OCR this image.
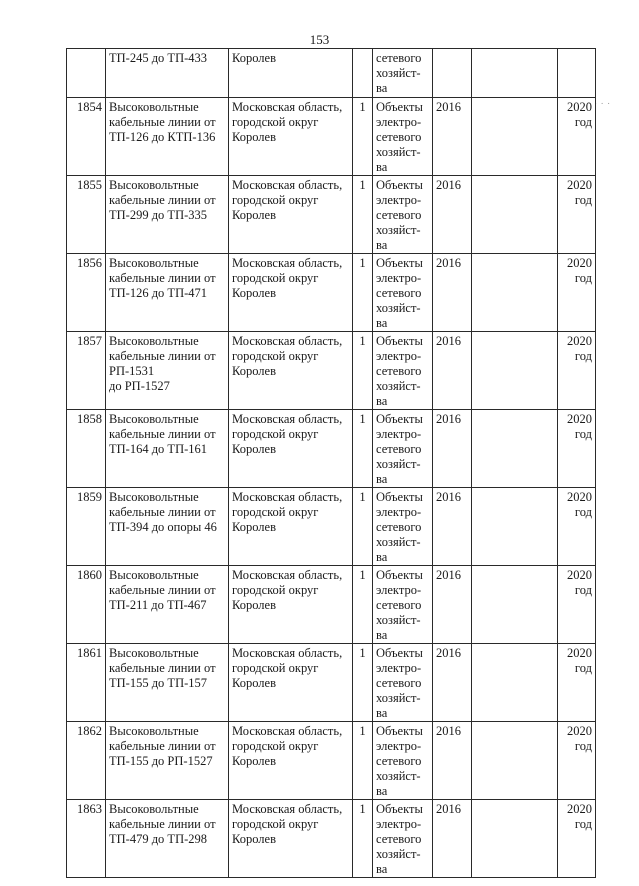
153
. . . .

	ТП-245 до ТП-433	Королев		сетевого
хозяйст-
ва			

1854	Высоковольтные
кабельные линии от
ТП-126 до КТП-136	Московская область,
городской округ
Королев	1	Объекты
электро-
сетевого
хозяйст-
ва	2016		2020
год

1855	Высоковольтные
кабельные линии от
ТП-299 до ТП-335	Московская область,
городской округ
Королев	1	Объекты
электро-
сетевого
хозяйст-
ва	2016		2020
год

1856	Высоковольтные
кабельные линии от
ТП-126 до ТП-471	Московская область,
городской округ
Королев	1	Объекты
электро-
сетевого
хозяйст-
ва	2016		2020
год

1857	Высоковольтные
кабельные линии от
РП-1531
до РП-1527	Московская область,
городской округ
Королев	1	Объекты
электро-
сетевого
хозяйст-
ва	2016		2020
год

1858	Высоковольтные
кабельные линии от
ТП-164 до ТП-161	Московская область,
городской округ
Королев	1	Объекты
электро-
сетевого
хозяйст-
ва	2016		2020
год

1859	Высоковольтные
кабельные линии от
ТП-394 до опоры 46	Московская область,
городской округ
Королев	1	Объекты
электро-
сетевого
хозяйст-
ва	2016		2020
год

1860	Высоковольтные
кабельные линии от
ТП-211 до ТП-467	Московская область,
городской округ
Королев	1	Объекты
электро-
сетевого
хозяйст-
ва	2016		2020
год

1861	Высоковольтные
кабельные линии от
ТП-155 до ТП-157	Московская область,
городской округ
Королев	1	Объекты
электро-
сетевого
хозяйст-
ва	2016		2020
год

1862	Высоковольтные
кабельные линии от
ТП-155 до РП-1527	Московская область,
городской округ
Королев	1	Объекты
электро-
сетевого
хозяйст-
ва	2016		2020
год

1863	Высоковольтные
кабельные линии от
ТП-479 до ТП-298	Московская область,
городской округ
Королев	1	Объекты
электро-
сетевого
хозяйст-
ва	2016		2020
год
